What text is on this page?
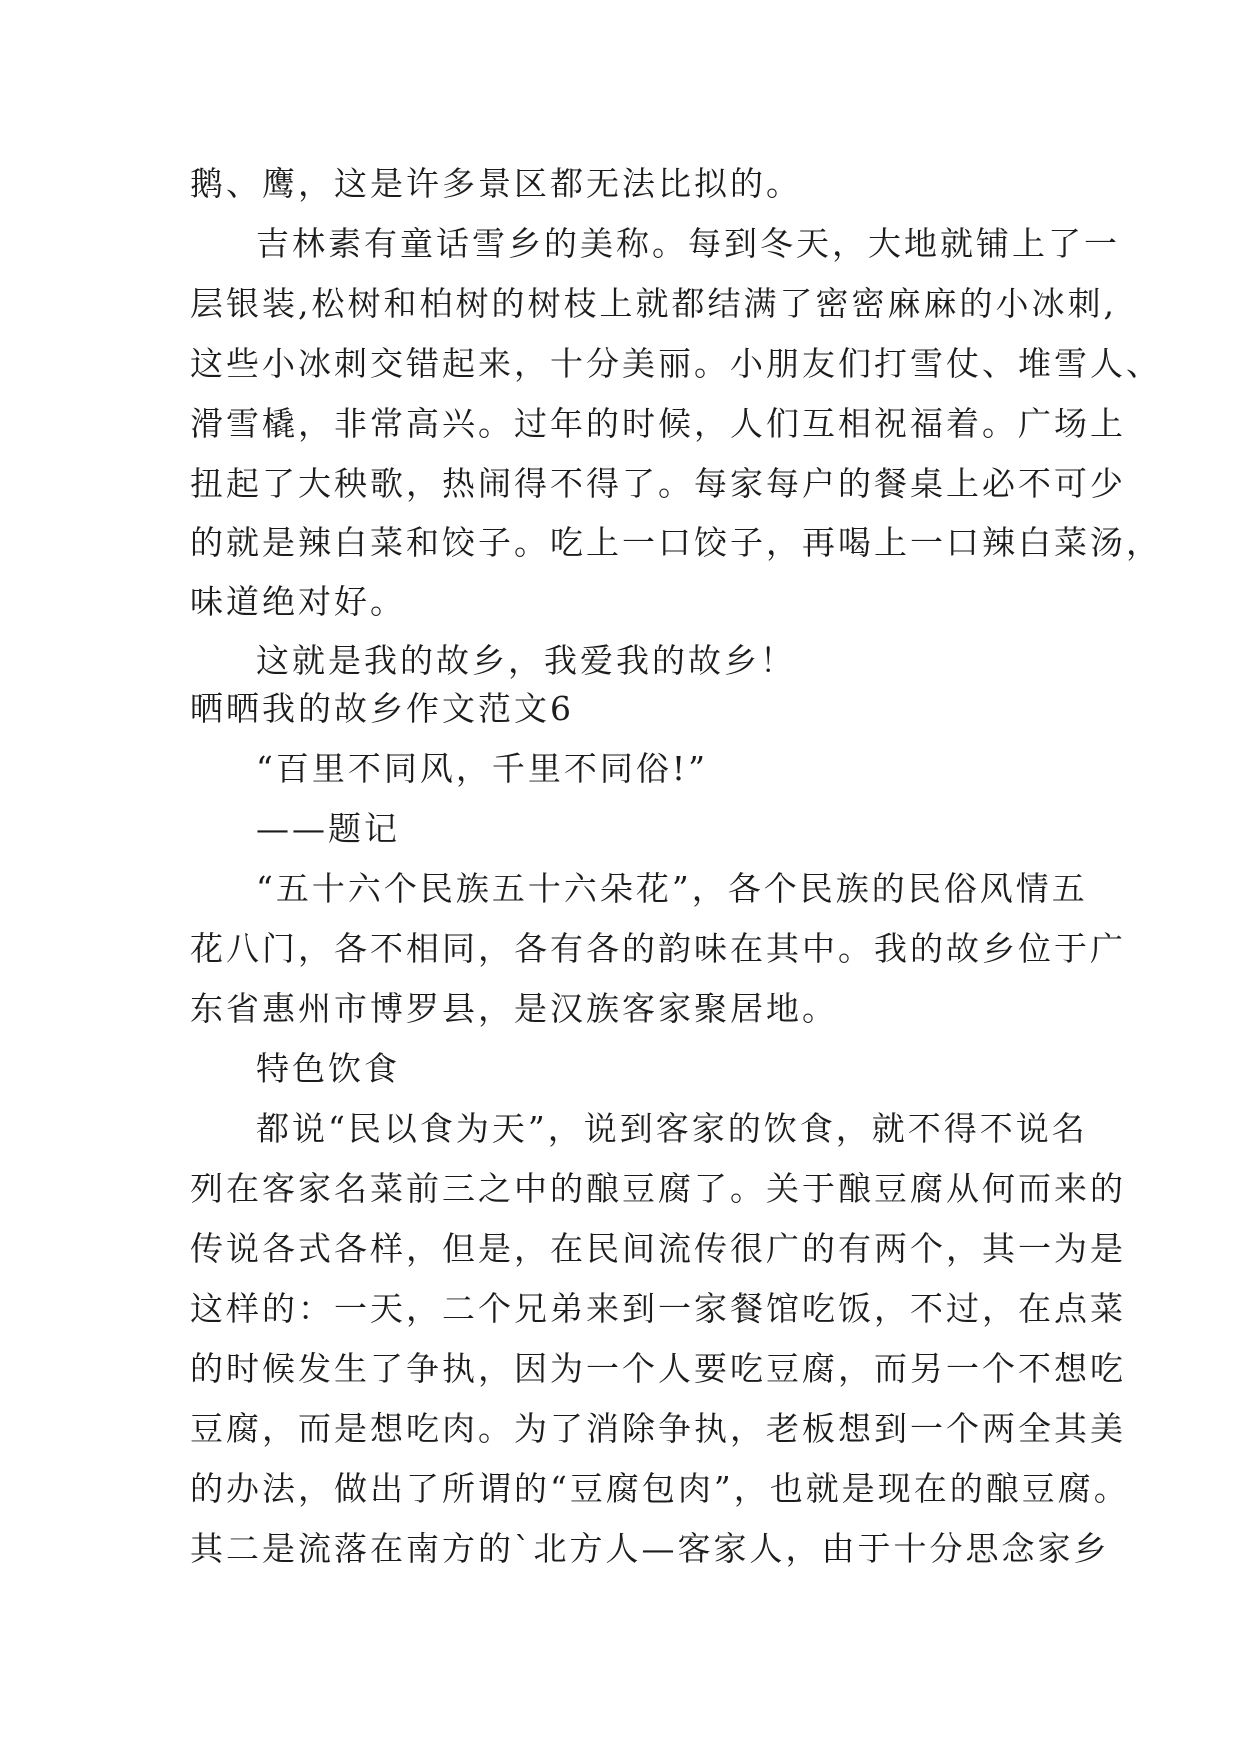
鹅、鹰，这是许多景区都无法比拟的。
吉林素有童话雪乡的美称。每到冬天，大地就铺上了一
层银装,松树和柏树的树枝上就都结满了密密麻麻的小冰刺,
这些小冰刺交错起来，十分美丽。小朋友们打雪仗、堆雪人、
滑雪橇，非常高兴。过年的时候，人们互相祝福着。广场上
扭起了大秧歌，热闹得不得了。每家每户的餐桌上必不可少
的就是辣白菜和饺子。吃上一口饺子，再喝上一口辣白菜汤，
味道绝对好。
这就是我的故乡，我爱我的故乡！
晒晒我的故乡作文范文6
“百里不同风，千里不同俗!”
——题记
“五十六个民族五十六朵花”，各个民族的民俗风情五
花八门，各不相同，各有各的韵味在其中。我的故乡位于广
东省惠州市博罗县，是汉族客家聚居地。
特色饮食
都说“民以食为天”，说到客家的饮食，就不得不说名
列在客家名菜前三之中的酿豆腐了。关于酿豆腐从何而来的
传说各式各样，但是，在民间流传很广的有两个，其一为是
这样的：一天，二个兄弟来到一家餐馆吃饭，不过，在点菜
的时候发生了争执，因为一个人要吃豆腐，而另一个不想吃
豆腐，而是想吃肉。为了消除争执，老板想到一个两全其美
的办法，做出了所谓的“豆腐包肉”，也就是现在的酿豆腐。
其二是流落在南方的`北方人—客家人，由于十分思念家乡
